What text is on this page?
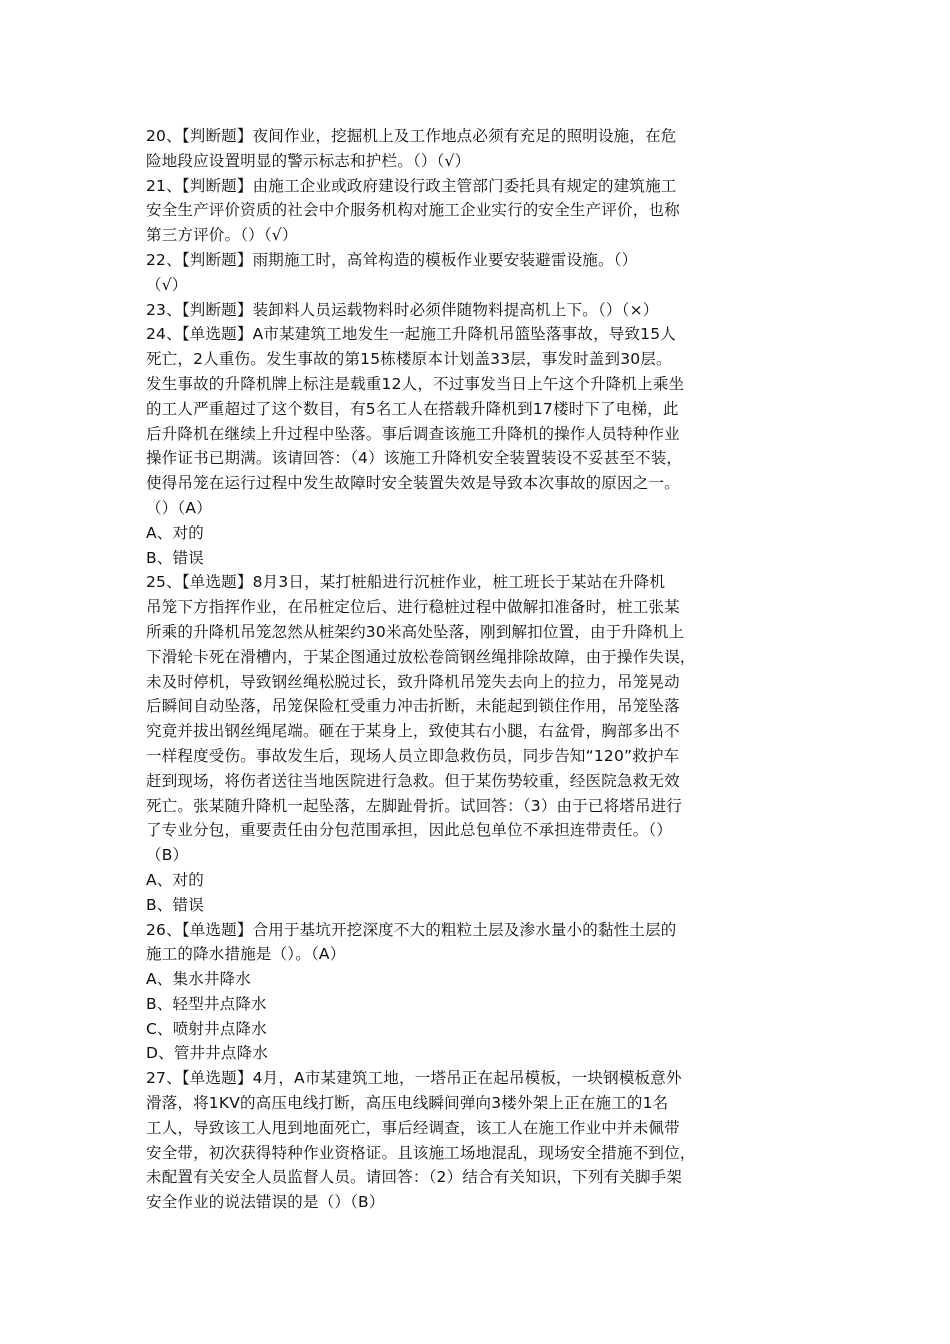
20、【判断题】夜间作业，挖掘机上及工作地点必须有充足的照明设施，在危
险地段应设置明显的警示标志和护栏。（）（√）
21、【判断题】由施工企业或政府建设行政主管部门委托具有规定的建筑施工
安全生产评价资质的社会中介服务机构对施工企业实行的安全生产评价，也称
第三方评价。（）（√）
22、【判断题】雨期施工时，高耸构造的模板作业要安装避雷设施。（）
（√）
23、【判断题】装卸料人员运载物料时必须伴随物料提高机上下。（）（×）
24、【单选题】A市某建筑工地发生一起施工升降机吊篮坠落事故，导致15人
死亡，2人重伤。发生事故的第15栋楼原本计划盖33层，事发时盖到30层。
发生事故的升降机牌上标注是载重12人，不过事发当日上午这个升降机上乘坐
的工人严重超过了这个数目，有5名工人在搭载升降机到17楼时下了电梯，此
后升降机在继续上升过程中坠落。事后调查该施工升降机的操作人员特种作业
操作证书已期满。该请回答：（4）该施工升降机安全装置装设不妥甚至不装，
使得吊笼在运行过程中发生故障时安全装置失效是导致本次事故的原因之一。
（）（A）
A、对的
B、错误
25、【单选题】8月3日，某打桩船进行沉桩作业，桩工班长于某站在升降机
吊笼下方指挥作业，在吊桩定位后、进行稳桩过程中做解扣准备时，桩工张某
所乘的升降机吊笼忽然从桩架约30米高处坠落，刚到解扣位置，由于升降机上
下滑轮卡死在滑槽内，于某企图通过放松卷筒钢丝绳排除故障，由于操作失误，
未及时停机，导致钢丝绳松脱过长，致升降机吊笼失去向上的拉力，吊笼晃动
后瞬间自动坠落，吊笼保险杠受重力冲击折断，未能起到锁住作用，吊笼坠落
究竟并拔出钢丝绳尾端。砸在于某身上，致使其右小腿，右盆骨，胸部多出不
一样程度受伤。事故发生后，现场人员立即急救伤员，同步告知“120”救护车
赶到现场，将伤者送往当地医院进行急救。但于某伤势较重，经医院急救无效
死亡。张某随升降机一起坠落，左脚趾骨折。试回答：（3）由于已将塔吊进行
了专业分包，重要责任由分包范围承担，因此总包单位不承担连带责任。（）
（B）
A、对的
B、错误
26、【单选题】合用于基坑开挖深度不大的粗粒土层及渗水量小的黏性土层的
施工的降水措施是（）。（A）
A、集水井降水
B、轻型井点降水
C、喷射井点降水
D、管井井点降水
27、【单选题】4月，A市某建筑工地，一塔吊正在起吊模板，一块钢模板意外
滑落，将1KV的高压电线打断，高压电线瞬间弹向3楼外架上正在施工的1名
工人，导致该工人甩到地面死亡，事后经调查，该工人在施工作业中并未佩带
安全带，初次获得特种作业资格证。且该施工场地混乱，现场安全措施不到位，
未配置有关安全人员监督人员。请回答：（2）结合有关知识，下列有关脚手架
安全作业的说法错误的是（）（B）
